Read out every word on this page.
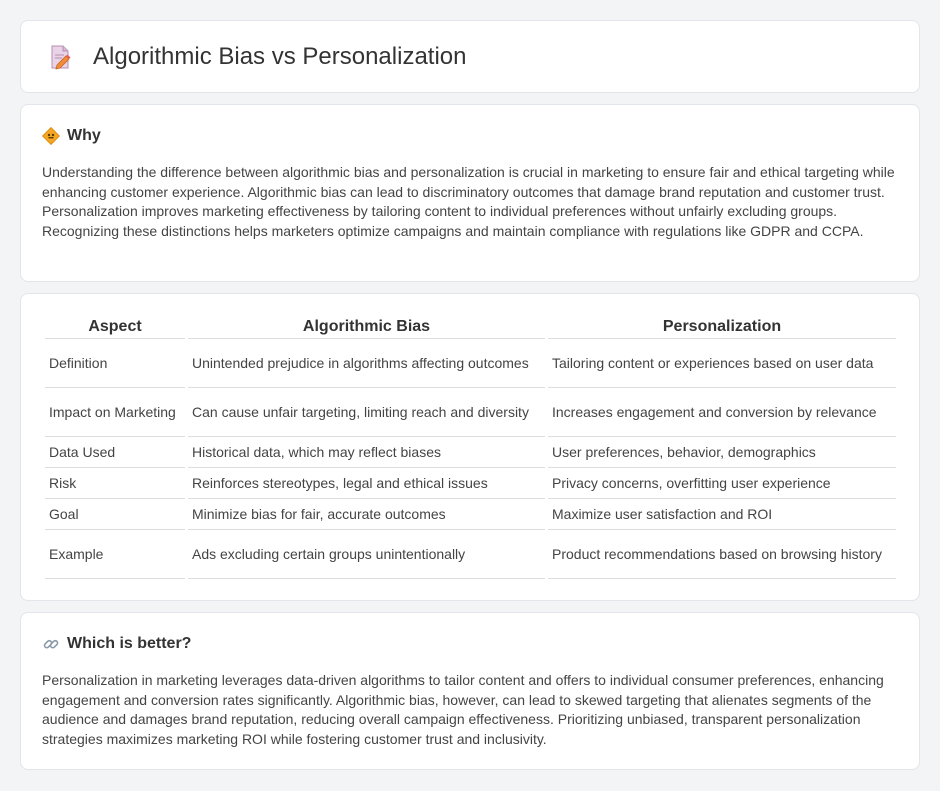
Algorithmic Bias vs Personalization
Why

Understanding the difference between algorithmic bias and personalization is crucial in marketing to ensure fair and ethical targeting while enhancing customer experience. Algorithmic bias can lead to discriminatory outcomes that damage brand reputation and customer trust. Personalization improves marketing effectiveness by tailoring content to individual preferences without unfairly excluding groups. Recognizing these distinctions helps marketers optimize campaigns and maintain compliance with regulations like GDPR and CCPA.

Aspect	Algorithmic Bias	Personalization
Definition	Unintended prejudice in algorithms affecting outcomes	Tailoring content or experiences based on user data
Impact on Marketing	Can cause unfair targeting, limiting reach and diversity	Increases engagement and conversion by relevance
Data Used	Historical data, which may reflect biases	User preferences, behavior, demographics
Risk	Reinforces stereotypes, legal and ethical issues	Privacy concerns, overfitting user experience
Goal	Minimize bias for fair, accurate outcomes	Maximize user satisfaction and ROI
Example	Ads excluding certain groups unintentionally	Product recommendations based on browsing history
Which is better?

Personalization in marketing leverages data-driven algorithms to tailor content and offers to individual consumer preferences, enhancing engagement and conversion rates significantly. Algorithmic bias, however, can lead to skewed targeting that alienates segments of the audience and damages brand reputation, reducing overall campaign effectiveness. Prioritizing unbiased, transparent personalization strategies maximizes marketing ROI while fostering customer trust and inclusivity.
